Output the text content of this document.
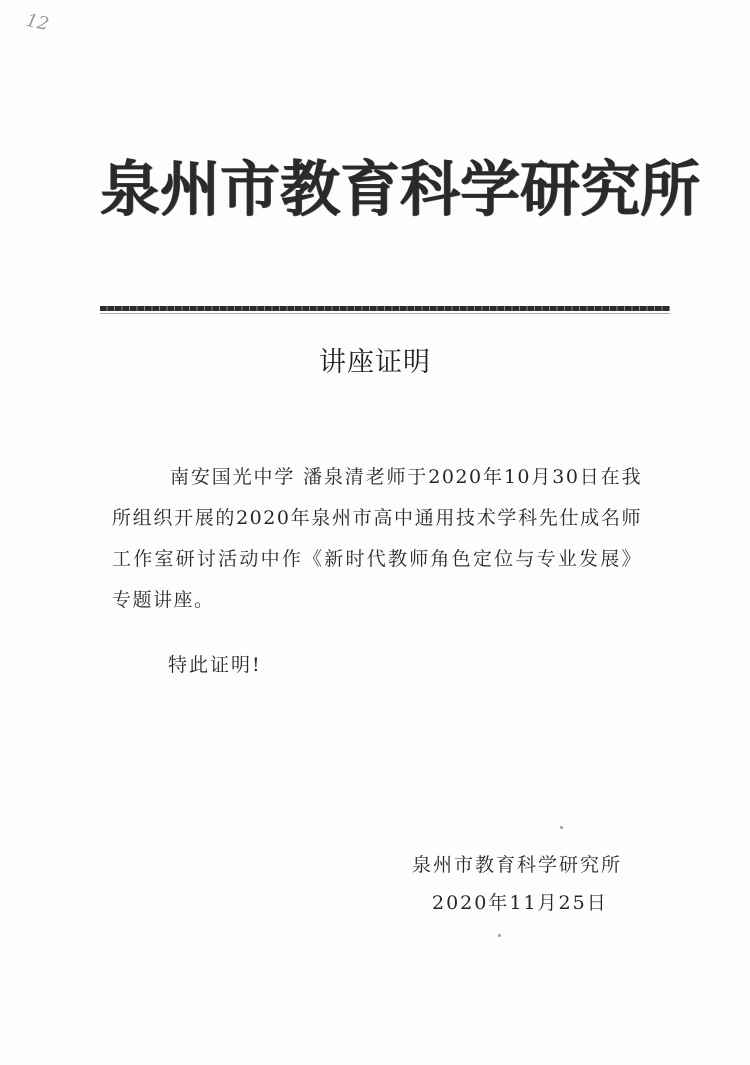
12
泉州市教育科学研究所
讲座证明

南安国光中学 潘泉清老师于2020年10月30日在我所组织开展的2020年泉州市高中通用技术学科先仕成名师工作室研讨活动中作《新时代教师角色定位与专业发展》专题讲座。

特此证明!
泉州市教育科学研究所
2020年11月25日
